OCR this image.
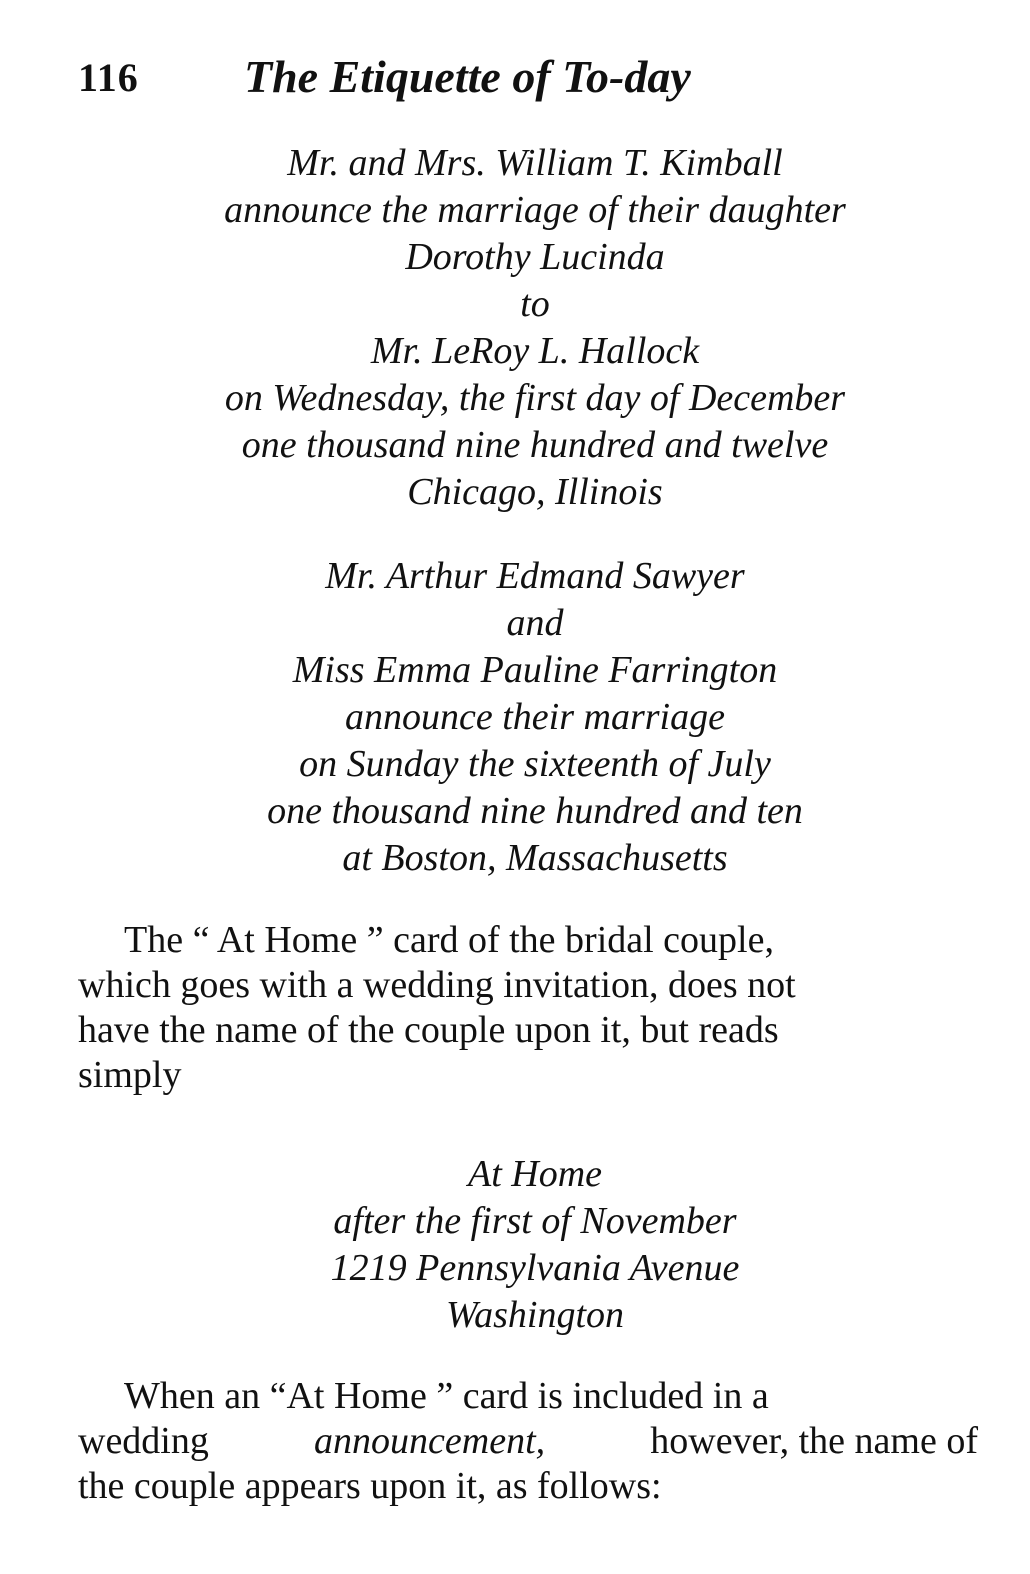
116 The Etiquette of To-day
Mr. and Mrs. William T. Kimball
announce the marriage of their daughter
Dorothy Lucinda
to
Mr. LeRoy L. Hallock
on Wednesday, the first day of December
one thousand nine hundred and twelve
Chicago, Illinois
Mr. Arthur Edmand Sawyer
and
Miss Emma Pauline Farrington
announce their marriage
on Sunday the sixteenth of July
one thousand nine hundred and ten
at Boston, Massachusetts
The “ At Home ” card of the bridal couple,
which goes with a wedding invitation, does not
have the name of the couple upon it, but reads
simply
At Home
after the first of November
1219 Pennsylvania Avenue
Washington
When an “At Home ” card is included in a
wedding	announcement,	however, the name of
the couple appears upon it, as follows:
